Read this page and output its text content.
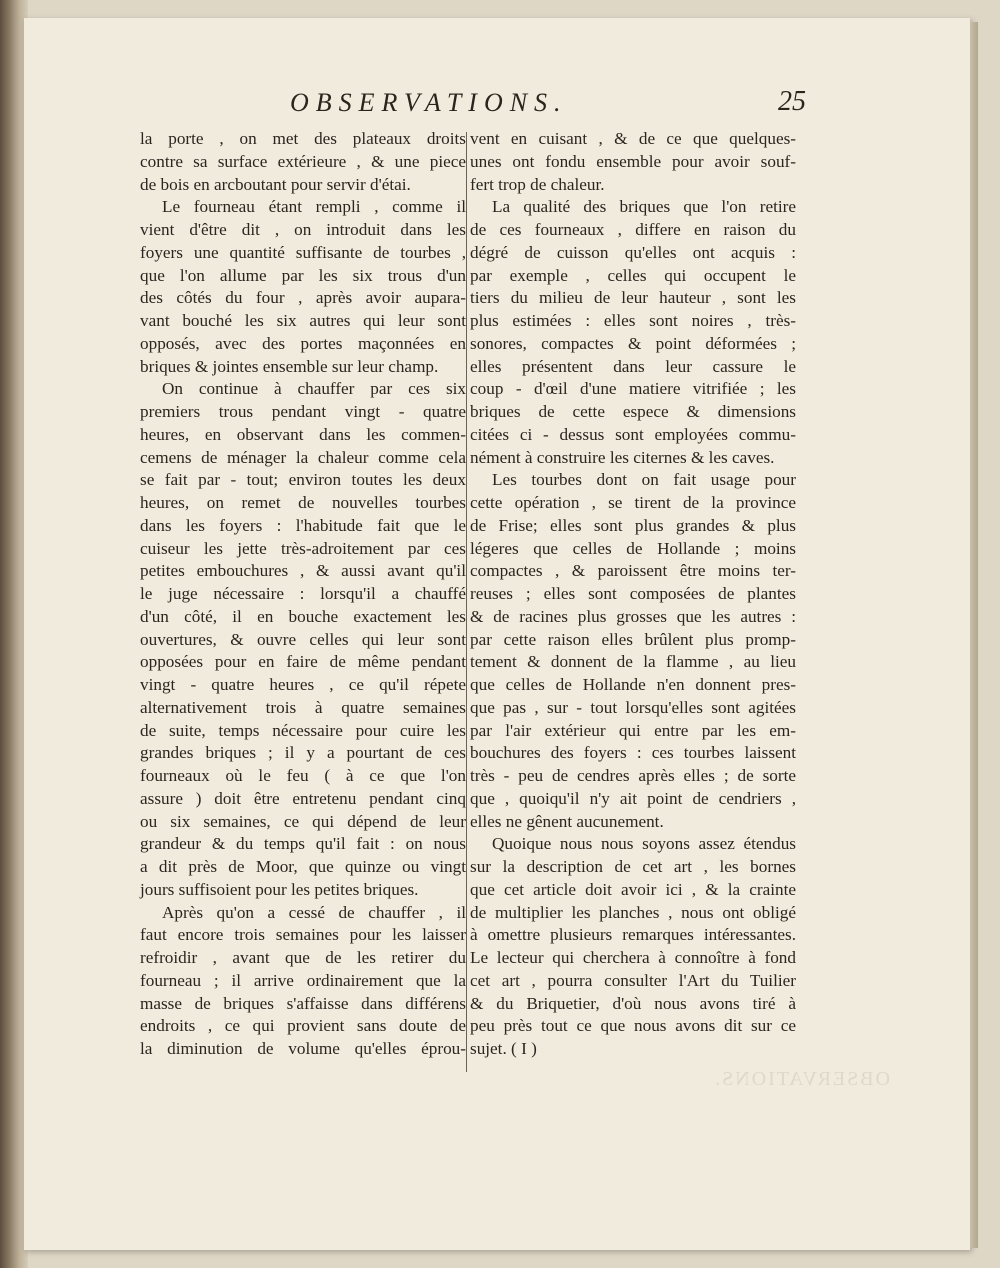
OBSERVATIONS.	25
la porte , on met des plateaux droits
contre sa surface extérieure , & une piece
de bois en arcboutant pour servir d'étai.
Le fourneau étant rempli , comme il
vient d'être dit , on introduit dans les
foyers une quantité suffisante de tourbes ,
que l'on allume par les six trous d'un
des côtés du four , après avoir aupara-
vant bouché les six autres qui leur sont
opposés, avec des portes maçonnées en
briques & jointes ensemble sur leur champ.
On continue à chauffer par ces six
premiers trous pendant vingt - quatre
heures, en observant dans les commen-
cemens de ménager la chaleur comme cela
se fait par - tout; environ toutes les deux
heures, on remet de nouvelles tourbes
dans les foyers : l'habitude fait que le
cuiseur les jette très-adroitement par ces
petites embouchures , & aussi avant qu'il
le juge nécessaire : lorsqu'il a chauffé
d'un côté, il en bouche exactement les
ouvertures, & ouvre celles qui leur sont
opposées pour en faire de même pendant
vingt - quatre heures , ce qu'il répete
alternativement trois à quatre semaines
de suite, temps nécessaire pour cuire les
grandes briques ; il y a pourtant de ces
fourneaux où le feu ( à ce que l'on
assure ) doit être entretenu pendant cinq
ou six semaines, ce qui dépend de leur
grandeur & du temps qu'il fait : on nous
a dit près de Moor, que quinze ou vingt
jours suffisoient pour les petites briques.
Après qu'on a cessé de chauffer , il
faut encore trois semaines pour les laisser
refroidir , avant que de les retirer du
fourneau ; il arrive ordinairement que la
masse de briques s'affaisse dans différens
endroits , ce qui provient sans doute de
la diminution de volume qu'elles éprou-
vent en cuisant , & de ce que quelques-
unes ont fondu ensemble pour avoir souf-
fert trop de chaleur.
La qualité des briques que l'on retire
de ces fourneaux , differe en raison du
dégré de cuisson qu'elles ont acquis :
par exemple , celles qui occupent le
tiers du milieu de leur hauteur , sont les
plus estimées : elles sont noires , très-
sonores, compactes & point déformées ;
elles présentent dans leur cassure le
coup - d'œil d'une matiere vitrifiée ; les
briques de cette espece & dimensions
citées ci - dessus sont employées commu-
nément à construire les citernes & les caves.
Les tourbes dont on fait usage pour
cette opération , se tirent de la province
de Frise; elles sont plus grandes & plus
légeres que celles de Hollande ; moins
compactes , & paroissent être moins ter-
reuses ; elles sont composées de plantes
& de racines plus grosses que les autres :
par cette raison elles brûlent plus promp-
tement & donnent de la flamme , au lieu
que celles de Hollande n'en donnent pres-
que pas , sur - tout lorsqu'elles sont agitées
par l'air extérieur qui entre par les em-
bouchures des foyers : ces tourbes laissent
très - peu de cendres après elles ; de sorte
que , quoiqu'il n'y ait point de cendriers ,
elles ne gênent aucunement.
Quoique nous nous soyons assez étendus
sur la description de cet art , les bornes
que cet article doit avoir ici , & la crainte
de multiplier les planches , nous ont obligé
à omettre plusieurs remarques intéressantes.
Le lecteur qui cherchera à connoître à fond
cet art , pourra consulter l'Art du Tuilier
& du Briquetier, d'où nous avons tiré à
peu près tout ce que nous avons dit sur ce
sujet. ( I )
OBSERVATIONS.
